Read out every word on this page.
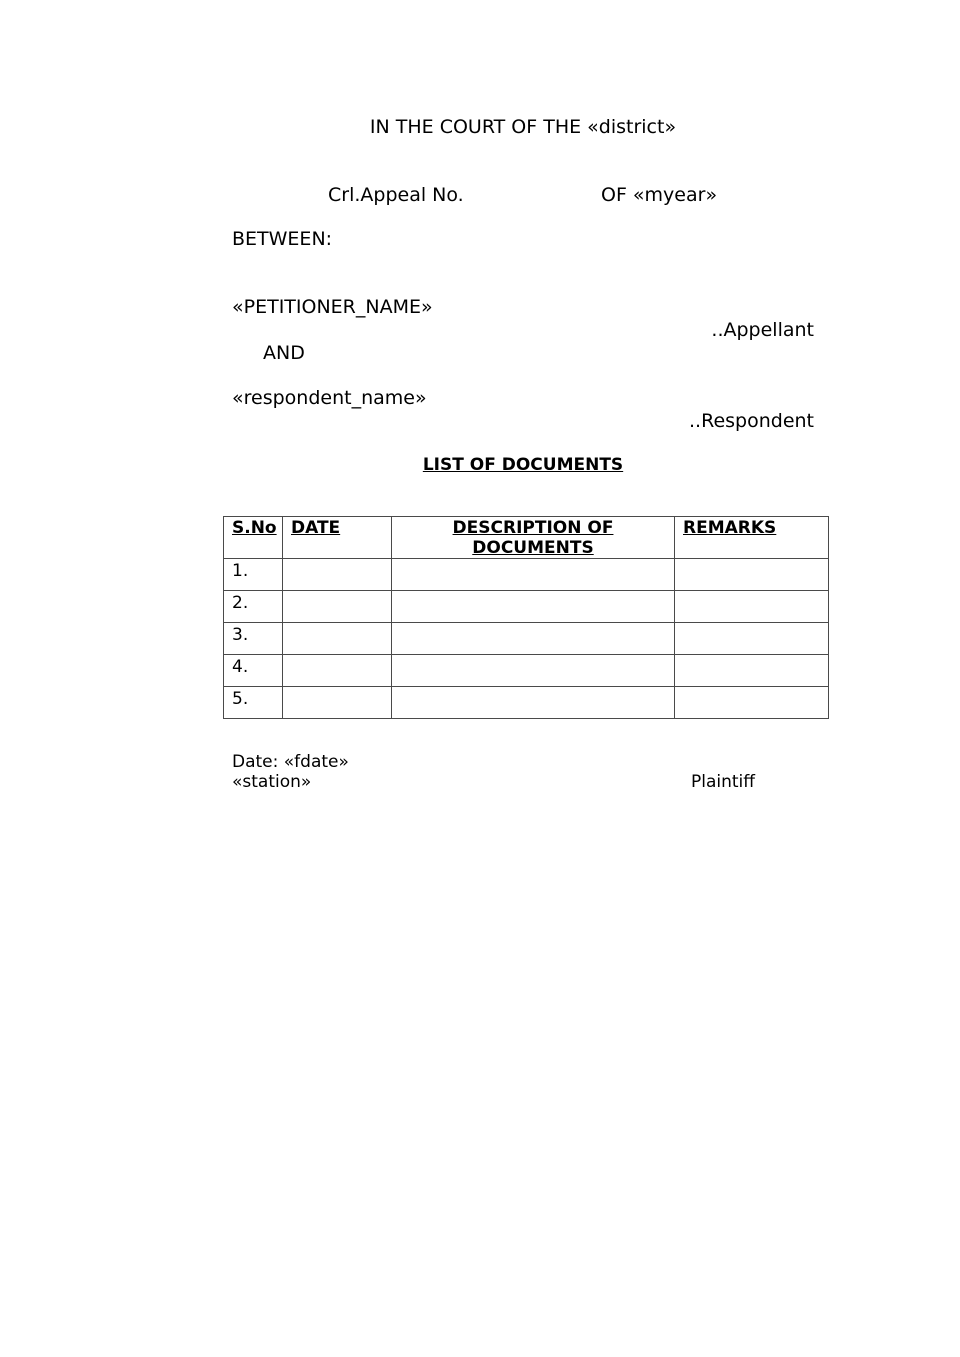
IN THE COURT OF THE «district»
Crl.Appeal No.	OF «myear»
BETWEEN:
«PETITIONER_NAME»
..Appellant
AND
«respondent_name»
..Respondent
LIST OF DOCUMENTS
S.No	DATE	DESCRIPTION OF DOCUMENTS	REMARKS
1.			
2.			
3.			
4.			
5.			
Date: «fdate»
«station»	Plaintiff
